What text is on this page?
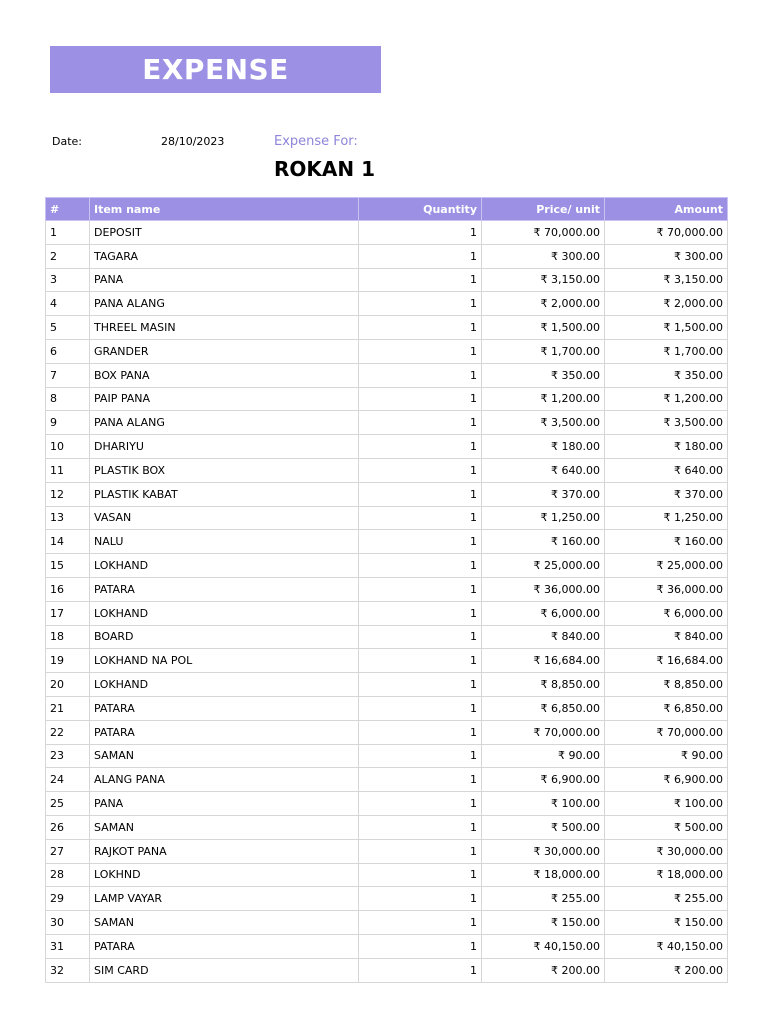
EXPENSE
Date:	28/10/2023	Expense For:
ROKAN 1
#	Item name	Quantity	Price/ unit	Amount
1	DEPOSIT	1	₹ 70,000.00	₹ 70,000.00
2	TAGARA	1	₹ 300.00	₹ 300.00
3	PANA	1	₹ 3,150.00	₹ 3,150.00
4	PANA ALANG	1	₹ 2,000.00	₹ 2,000.00
5	THREEL MASIN	1	₹ 1,500.00	₹ 1,500.00
6	GRANDER	1	₹ 1,700.00	₹ 1,700.00
7	BOX PANA	1	₹ 350.00	₹ 350.00
8	PAIP PANA	1	₹ 1,200.00	₹ 1,200.00
9	PANA ALANG	1	₹ 3,500.00	₹ 3,500.00
10	DHARIYU	1	₹ 180.00	₹ 180.00
11	PLASTIK BOX	1	₹ 640.00	₹ 640.00
12	PLASTIK KABAT	1	₹ 370.00	₹ 370.00
13	VASAN	1	₹ 1,250.00	₹ 1,250.00
14	NALU	1	₹ 160.00	₹ 160.00
15	LOKHAND	1	₹ 25,000.00	₹ 25,000.00
16	PATARA	1	₹ 36,000.00	₹ 36,000.00
17	LOKHAND	1	₹ 6,000.00	₹ 6,000.00
18	BOARD	1	₹ 840.00	₹ 840.00
19	LOKHAND NA POL	1	₹ 16,684.00	₹ 16,684.00
20	LOKHAND	1	₹ 8,850.00	₹ 8,850.00
21	PATARA	1	₹ 6,850.00	₹ 6,850.00
22	PATARA	1	₹ 70,000.00	₹ 70,000.00
23	SAMAN	1	₹ 90.00	₹ 90.00
24	ALANG PANA	1	₹ 6,900.00	₹ 6,900.00
25	PANA	1	₹ 100.00	₹ 100.00
26	SAMAN	1	₹ 500.00	₹ 500.00
27	RAJKOT PANA	1	₹ 30,000.00	₹ 30,000.00
28	LOKHND	1	₹ 18,000.00	₹ 18,000.00
29	LAMP VAYAR	1	₹ 255.00	₹ 255.00
30	SAMAN	1	₹ 150.00	₹ 150.00
31	PATARA	1	₹ 40,150.00	₹ 40,150.00
32	SIM CARD	1	₹ 200.00	₹ 200.00
